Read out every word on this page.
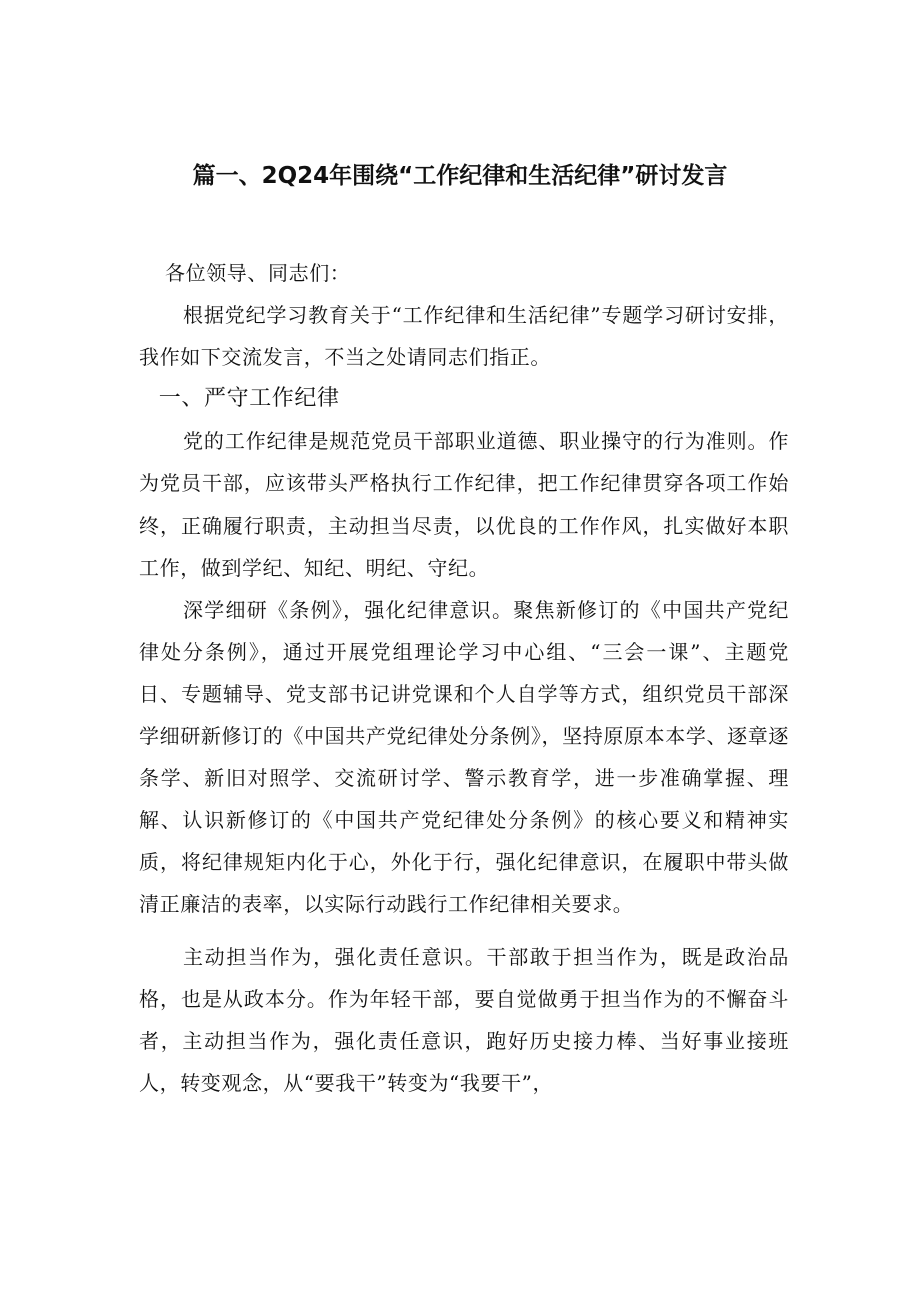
篇一、2Q24年围绕“工作纪律和生活纪律”研讨发言

各位领导、同志们：

根据党纪学习教育关于“工作纪律和生活纪律”专题学习研讨安排，我作如下交流发言，不当之处请同志们指正。

一、严守工作纪律

党的工作纪律是规范党员干部职业道德、职业操守的行为准则。作为党员干部，应该带头严格执行工作纪律，把工作纪律贯穿各项工作始终，正确履行职责，主动担当尽责，以优良的工作作风，扎实做好本职工作，做到学纪、知纪、明纪、守纪。

深学细研《条例》，强化纪律意识。聚焦新修订的《中国共产党纪律处分条例》，通过开展党组理论学习中心组、“三会一课”、主题党日、专题辅导、党支部书记讲党课和个人自学等方式，组织党员干部深学细研新修订的《中国共产党纪律处分条例》，坚持原原本本学、逐章逐条学、新旧对照学、交流研讨学、警示教育学，进一步准确掌握、理解、认识新修订的《中国共产党纪律处分条例》的核心要义和精神实质，将纪律规矩内化于心，外化于行，强化纪律意识，在履职中带头做清正廉洁的表率，以实际行动践行工作纪律相关要求。

主动担当作为，强化责任意识。干部敢于担当作为，既是政治品格，也是从政本分。作为年轻干部，要自觉做勇于担当作为的不懈奋斗者，主动担当作为，强化责任意识，跑好历史接力棒、当好事业接班人，转变观念，从“要我干”转变为“我要干”，
